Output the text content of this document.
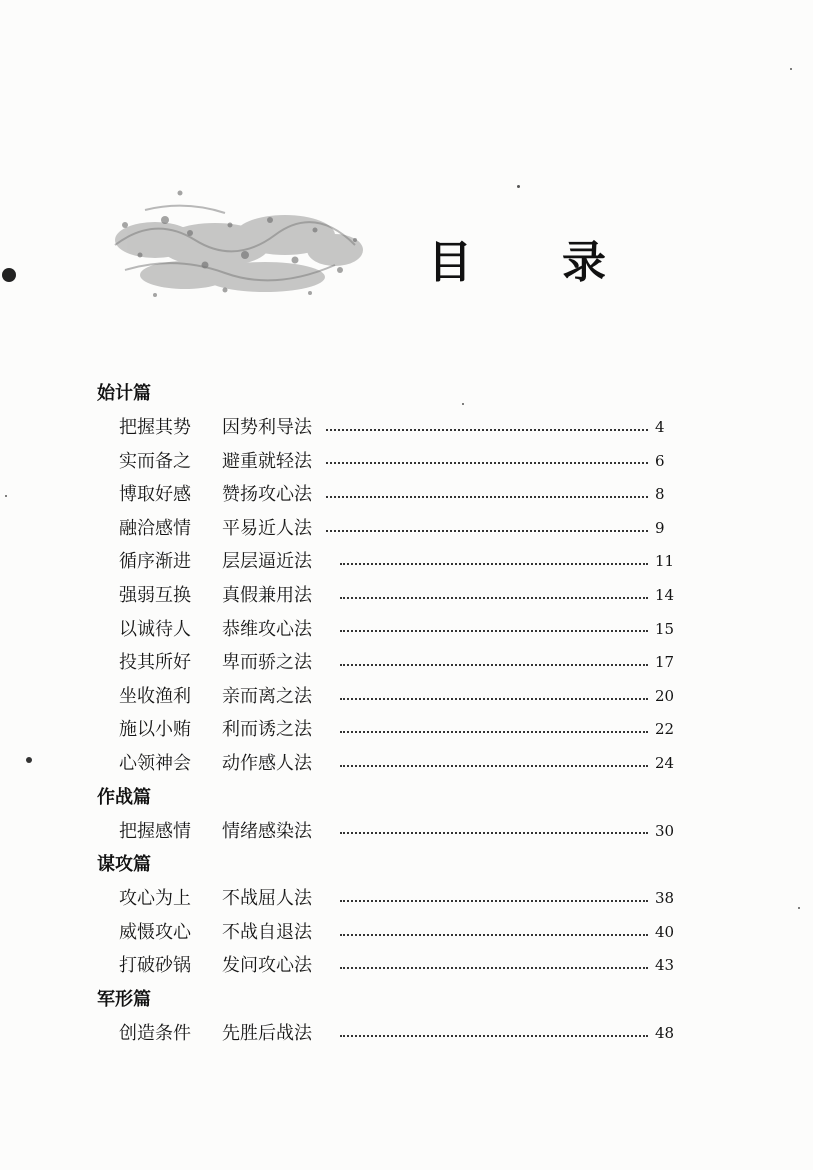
目 录
始计篇
把握其势 因势利导法	4
实而备之 避重就轻法	6
博取好感 赞扬攻心法	8
融洽感情 平易近人法	9
循序渐进 层层逼近法	11
强弱互换 真假兼用法	14
以诚待人 恭维攻心法	15
投其所好 卑而骄之法	17
坐收渔利 亲而离之法	20
施以小贿 利而诱之法	22
心领神会 动作感人法	24
作战篇
把握感情 情绪感染法	30
谋攻篇
攻心为上 不战屈人法	38
威慑攻心 不战自退法	40
打破砂锅 发问攻心法	43
军形篇
创造条件 先胜后战法	48
